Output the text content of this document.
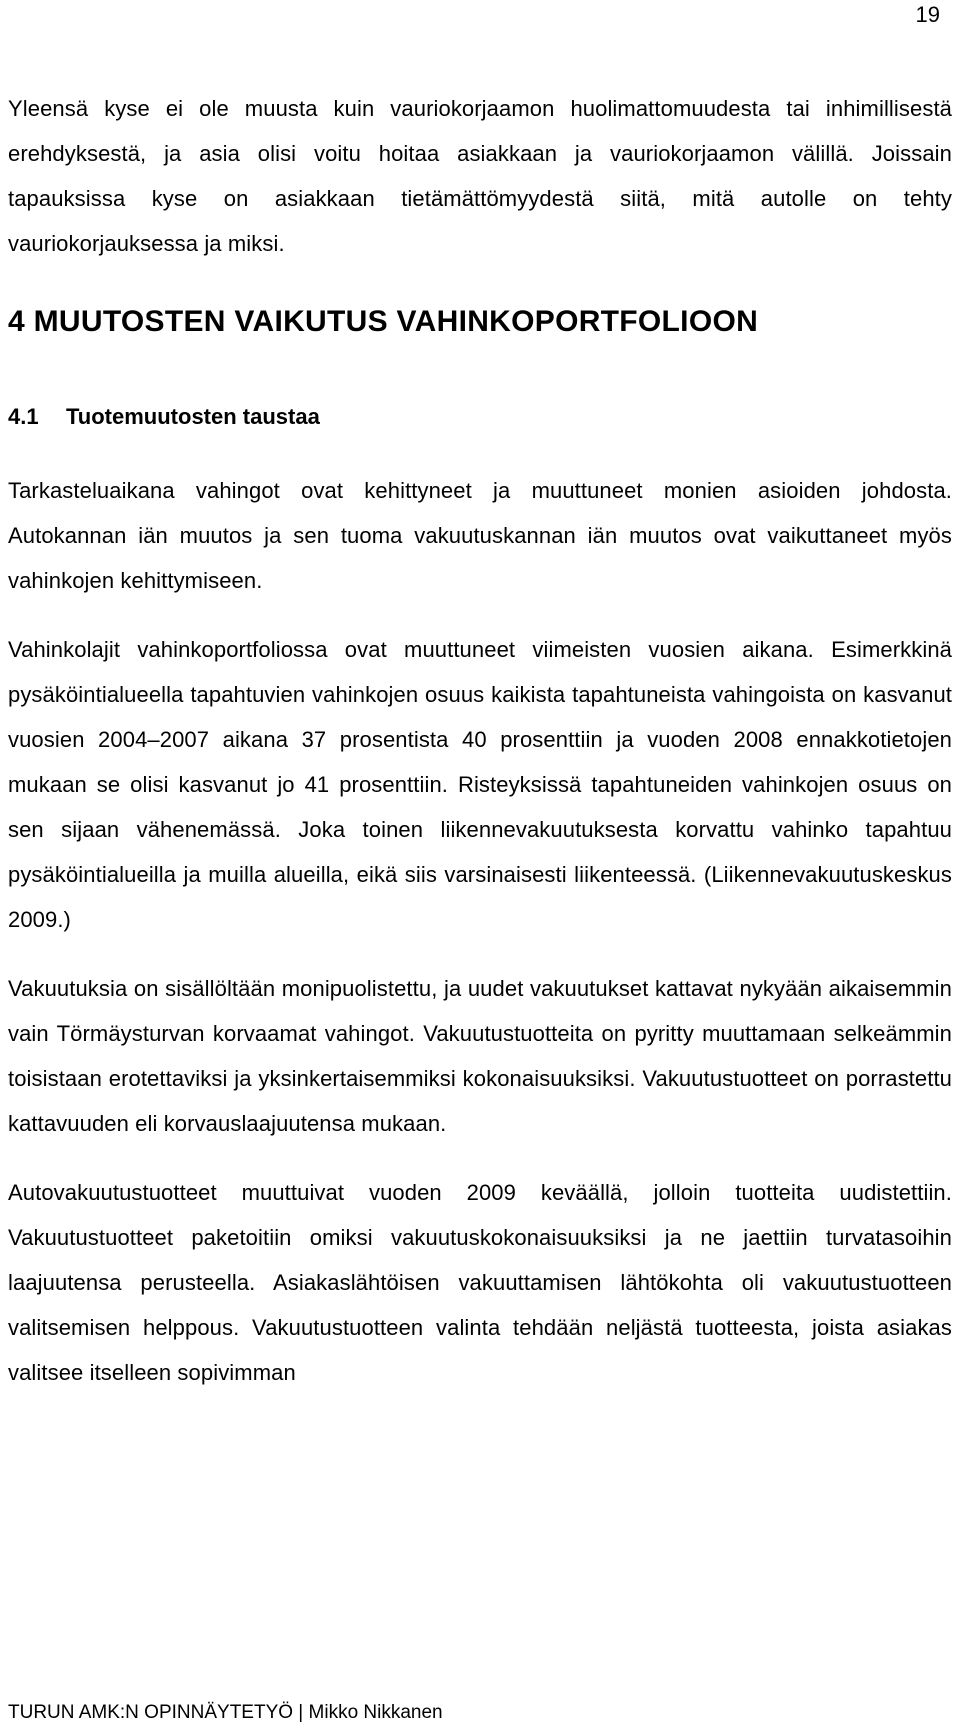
19

Yleensä kyse ei ole muusta kuin vauriokorjaamon huolimattomuudesta tai inhimillisestä erehdyksestä, ja asia olisi voitu hoitaa asiakkaan ja vauriokorjaamon välillä. Joissain tapauksissa kyse on asiakkaan tietämättömyydestä siitä, mitä autolle on tehty vauriokorjauksessa ja miksi.

4 MUUTOSTEN VAIKUTUS VAHINKOPORTFOLIOON
4.1 Tuotemuutosten taustaa

Tarkasteluaikana vahingot ovat kehittyneet ja muuttuneet monien asioiden johdosta. Autokannan iän muutos ja sen tuoma vakuutuskannan iän muutos ovat vaikuttaneet myös vahinkojen kehittymiseen.

Vahinkolajit vahinkoportfoliossa ovat muuttuneet viimeisten vuosien aikana. Esimerkkinä pysäköintialueella tapahtuvien vahinkojen osuus kaikista tapahtuneista vahingoista on kasvanut vuosien 2004–2007 aikana 37 prosentista 40 prosenttiin ja vuoden 2008 ennakkotietojen mukaan se olisi kasvanut jo 41 prosenttiin. Risteyksissä tapahtuneiden vahinkojen osuus on sen sijaan vähenemässä. Joka toinen liikennevakuutuksesta korvattu vahinko tapahtuu pysäköintialueilla ja muilla alueilla, eikä siis varsinaisesti liikenteessä. (Liikennevakuutuskeskus 2009.)

Vakuutuksia on sisällöltään monipuolistettu, ja uudet vakuutukset kattavat nykyään aikaisemmin vain Törmäysturvan korvaamat vahingot. Vakuutustuotteita on pyritty muuttamaan selkeämmin toisistaan erotettaviksi ja yksinkertaisemmiksi kokonaisuuksiksi. Vakuutustuotteet on porrastettu kattavuuden eli korvauslaajuutensa mukaan.

Autovakuutustuotteet muuttuivat vuoden 2009 keväällä, jolloin tuotteita uudistettiin. Vakuutustuotteet paketoitiin omiksi vakuutuskokonaisuuksiksi ja ne jaettiin turvatasoihin laajuutensa perusteella. Asiakaslähtöisen vakuuttamisen lähtökohta oli vakuutustuotteen valitsemisen helppous. Vakuutustuotteen valinta tehdään neljästä tuotteesta, joista asiakas valitsee itselleen sopivimman

TURUN AMK:N OPINNÄYTETYÖ | Mikko Nikkanen
